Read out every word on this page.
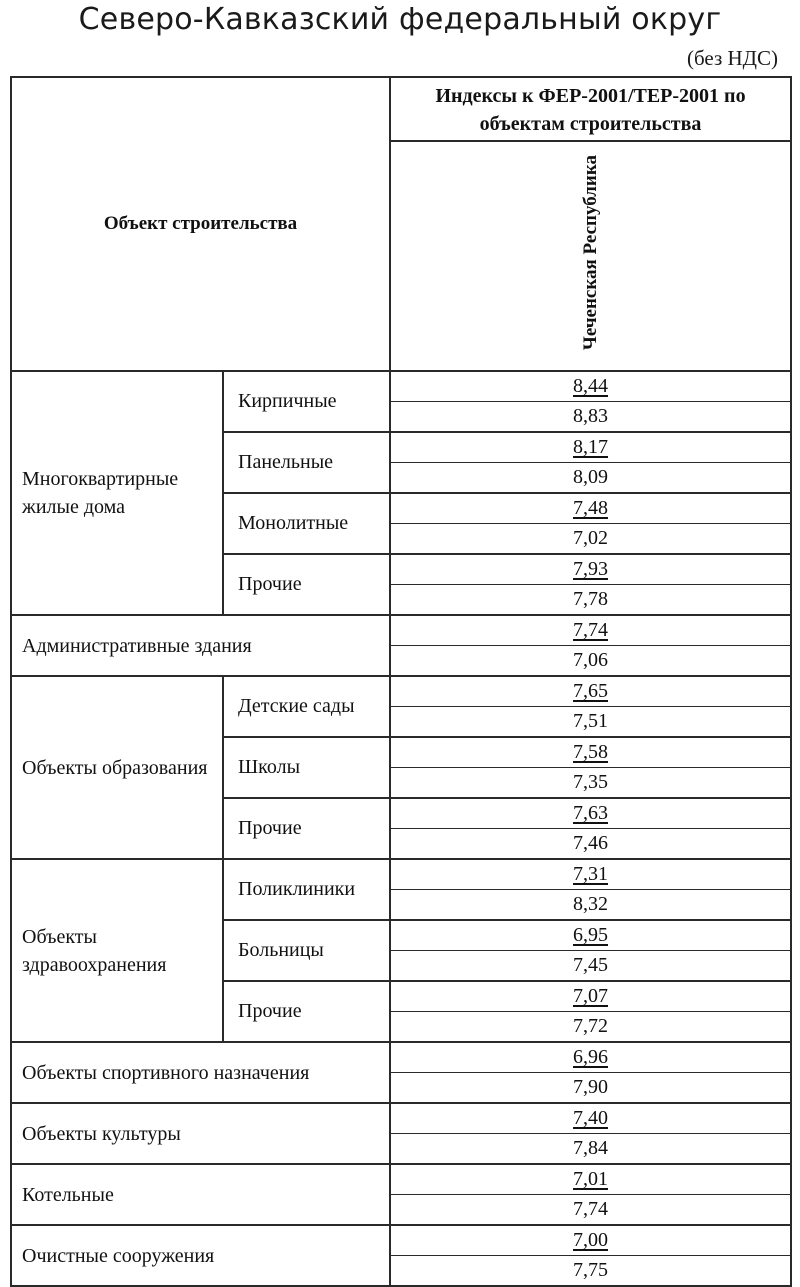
Северо-Кавказский федеральный округ
(без НДС)
Объект строительства		Индексы к ФЕР-2001/ТЕР-2001 по объектам строительства
		Чеченская Республика
Многоквартирные жилые дома	Кирпичные	8,44
8,83

	Панельные	8,17
8,09

	Монолитные	7,48
7,02

	Прочие	7,93
7,78

Административные здания		7,74
7,06

Объекты образования	Детские сады	7,65
7,51

	Школы	7,58
7,35

	Прочие	7,63
7,46

Объекты здравоохранения	Поликлиники	7,31
8,32

	Больницы	6,95
7,45

	Прочие	7,07
7,72

Объекты спортивного назначения		6,96
7,90

Объекты культуры		7,40
7,84

Котельные		7,01
7,74

Очистные сооружения		7,00
7,75
